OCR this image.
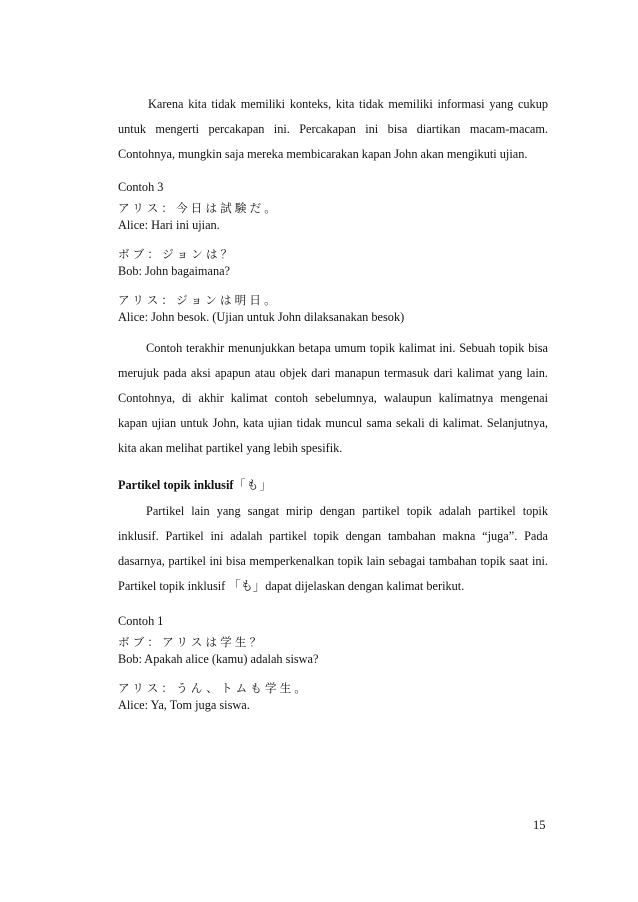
Karena kita tidak memiliki konteks, kita tidak memiliki informasi yang cukup untuk mengerti percakapan ini. Percakapan ini bisa diartikan macam-macam. Contohnya, mungkin saja mereka membicarakan kapan John akan mengikuti ujian.

Contoh 3

アリス：今日は試験だ。

Alice: Hari ini ujian.

ボブ：ジョンは？

Bob: John bagaimana?

アリス：ジョンは明日。

Alice: John besok. (Ujian untuk John dilaksanakan besok)

Contoh terakhir menunjukkan betapa umum topik kalimat ini. Sebuah topik bisa merujuk pada aksi apapun atau objek dari manapun termasuk dari kalimat yang lain. Contohnya, di akhir kalimat contoh sebelumnya, walaupun kalimatnya mengenai kapan ujian untuk John, kata ujian tidak muncul sama sekali di kalimat. Selanjutnya, kita akan melihat partikel yang lebih spesifik.

Partikel topik inklusif「も」

Partikel lain yang sangat mirip dengan partikel topik adalah partikel topik inklusif. Partikel ini adalah partikel topik dengan tambahan makna “juga”. Pada dasarnya, partikel ini bisa memperkenalkan topik lain sebagai tambahan topik saat ini. Partikel topik inklusif 「も」dapat dijelaskan dengan kalimat berikut.

Contoh 1

ボブ：アリスは学生？

Bob: Apakah alice (kamu) adalah siswa?

アリス：うん、トムも学生。

Alice: Ya, Tom juga siswa.

15
